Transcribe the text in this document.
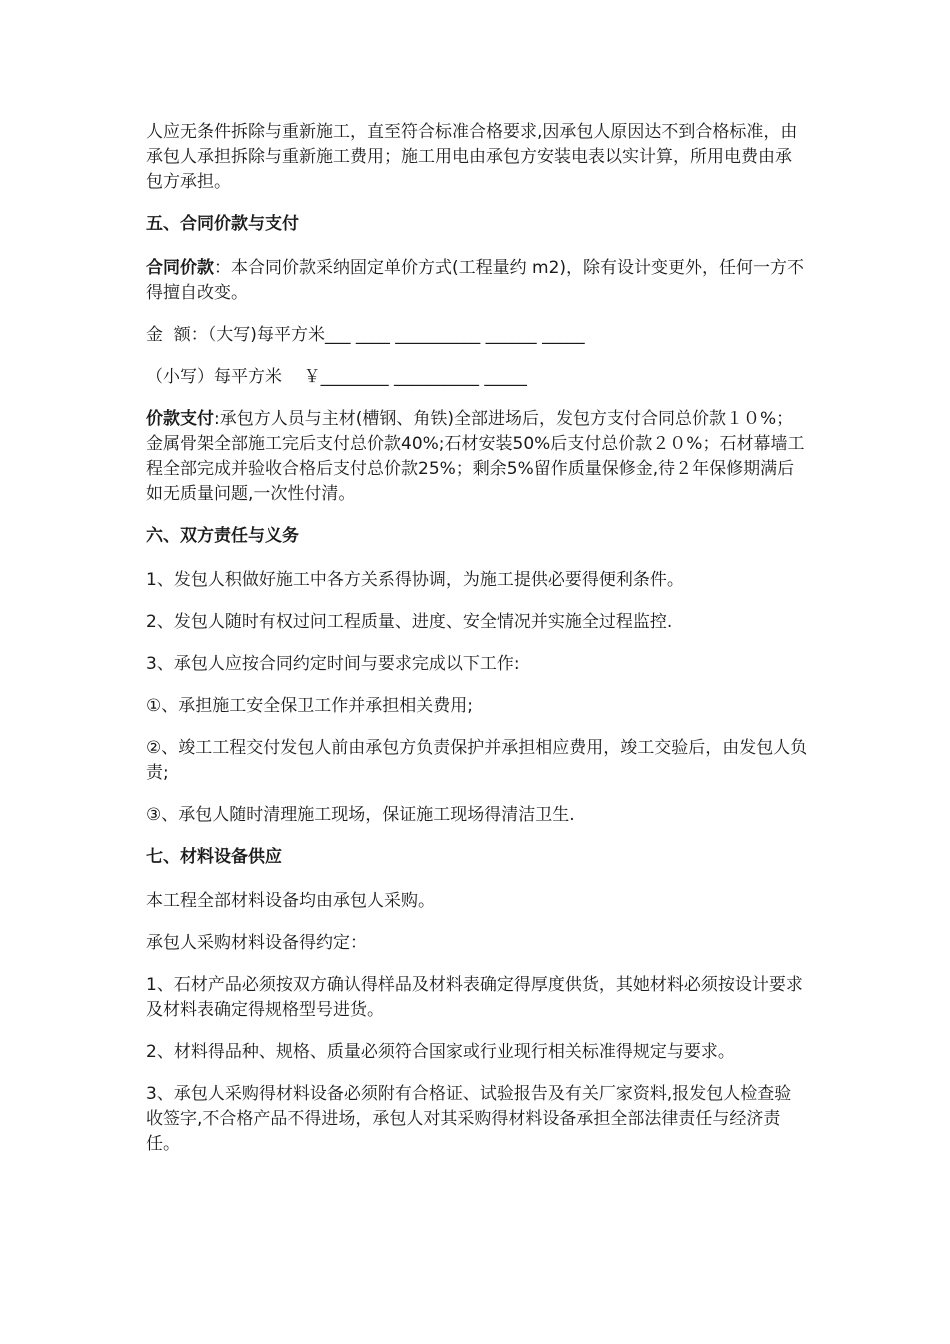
人应无条件拆除与重新施工，直至符合标准合格要求,因承包人原因达不到合格标准，由承包人承担拆除与重新施工费用；施工用电由承包方安装电表以实计算，所用电费由承包方承担。

五、合同价款与支付

合同价款：本合同价款采纳固定单价方式(工程量约 m2)，除有设计变更外，任何一方不得擅自改变。

金  额：（大写)每平方米___ ____ __________ ______ _____

（小写）每平方米    ￥________ __________ _____

价款支付:承包方人员与主材(槽钢、角铁)全部进场后，发包方支付合同总价款１０%；金属骨架全部施工完后支付总价款40%;石材安装50%后支付总价款２０%；石材幕墙工程全部完成并验收合格后支付总价款25%；剩余5%留作质量保修金,待２年保修期满后如无质量问题,一次性付清。

六、双方责任与义务

1、发包人积做好施工中各方关系得协调，为施工提供必要得便利条件。

2、发包人随时有权过问工程质量、进度、安全情况并实施全过程监控.

3、承包人应按合同约定时间与要求完成以下工作:

①、承担施工安全保卫工作并承担相关费用;

②、竣工工程交付发包人前由承包方负责保护并承担相应费用，竣工交验后，由发包人负责;

③、承包人随时清理施工现场，保证施工现场得清洁卫生.

七、材料设备供应

本工程全部材料设备均由承包人采购。

承包人采购材料设备得约定：

1、石材产品必须按双方确认得样品及材料表确定得厚度供货，其她材料必须按设计要求及材料表确定得规格型号进货。

2、材料得品种、规格、质量必须符合国家或行业现行相关标准得规定与要求。

3、承包人采购得材料设备必须附有合格证、试验报告及有关厂家资料,报发包人检查验收签字,不合格产品不得进场，承包人对其采购得材料设备承担全部法律责任与经济责任。
